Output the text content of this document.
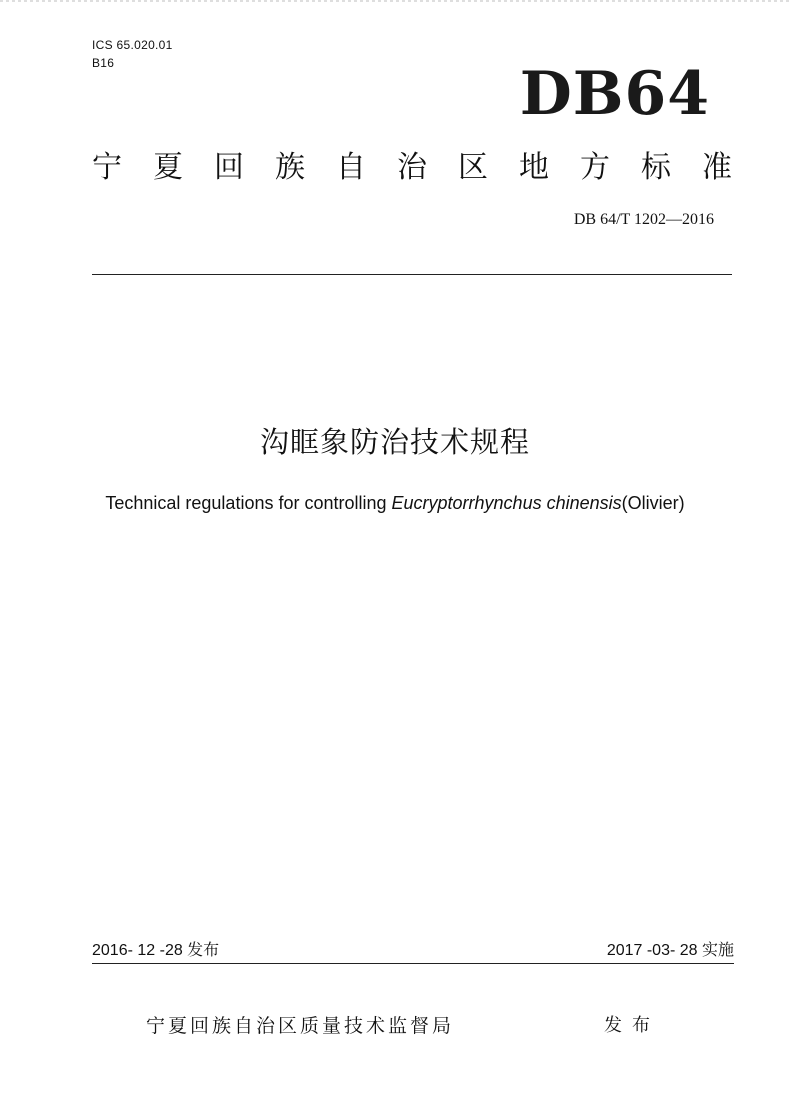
ICS 65.020.01
B16	DB64
宁 夏 回 族 自 治 区 地 方 标 准
DB 64/T 1202—2016
沟眶象防治技术规程
Technical regulations for controlling Eucryptorrhynchus chinensis(Olivier)
2016- 12 -28 发布	2017 -03- 28 实施
宁夏回族自治区质量技术监督局	发布
